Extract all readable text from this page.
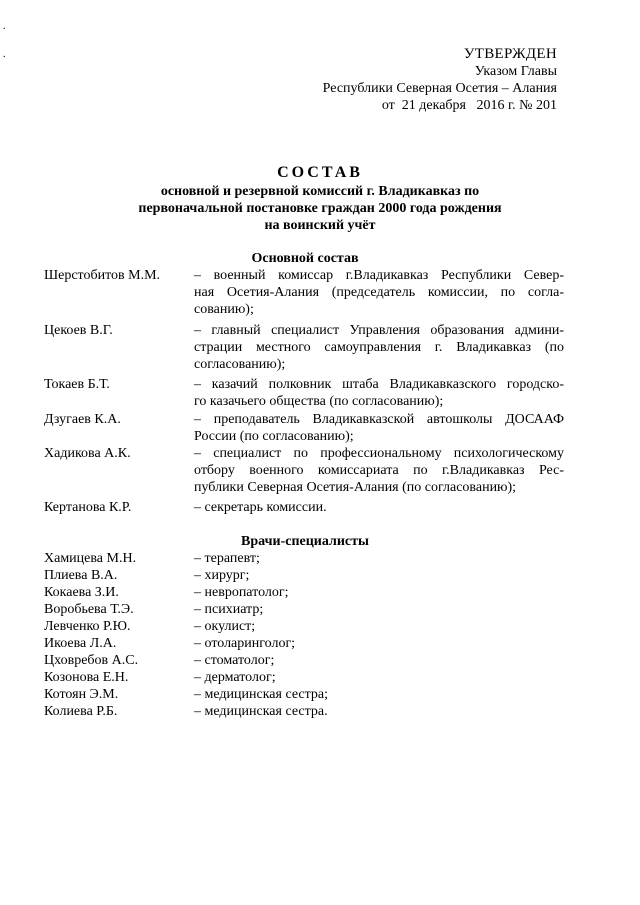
.
.	УТВЕРЖДЕН
Указом Главы
Республики Северная Осетия – Алания
от  21 декабря   2016 г. № 201
СОСТАВ
основной и резервной комиссий г. Владикавказ по
первоначальной постановке граждан 2000 года рождения
на воинский учёт
Основной состав
Шерстобитов М.М. – военный комиссар г.Владикавказ Республики Север-
ная Осетия-Алания (председатель комиссии, по согла-
сованию);
Цекоев В.Г.	– главный специалист Управления образования админи-
страции местного самоуправления г. Владикавказ (по
согласованию);
Токаев Б.Т.	– казачий полковник штаба Владикавказского городско-
го казачьего общества (по согласованию);
Дзугаев К.А.	– преподаватель Владикавказской автошколы ДОСААФ
России (по согласованию);
Хадикова А.К.	– специалист по профессиональному психологическому
отбору военного комиссариата по г.Владикавказ Рес-
публики Северная Осетия-Алания (по согласованию);
Кертанова К.Р.	– секретарь комиссии.
Врачи-специалисты
Хамицева М.Н.	– терапевт;
Плиева В.А.	– хирург;
Кокаева З.И.	– невропатолог;
Воробьева Т.Э.	– психиатр;
Левченко Р.Ю.	– окулист;
Икоева Л.А.	– отоларинголог;
Цховребов А.С.	– стоматолог;
Козонова Е.Н.	– дерматолог;
Котоян Э.М.	– медицинская сестра;
Колиева Р.Б.	– медицинская сестра.
